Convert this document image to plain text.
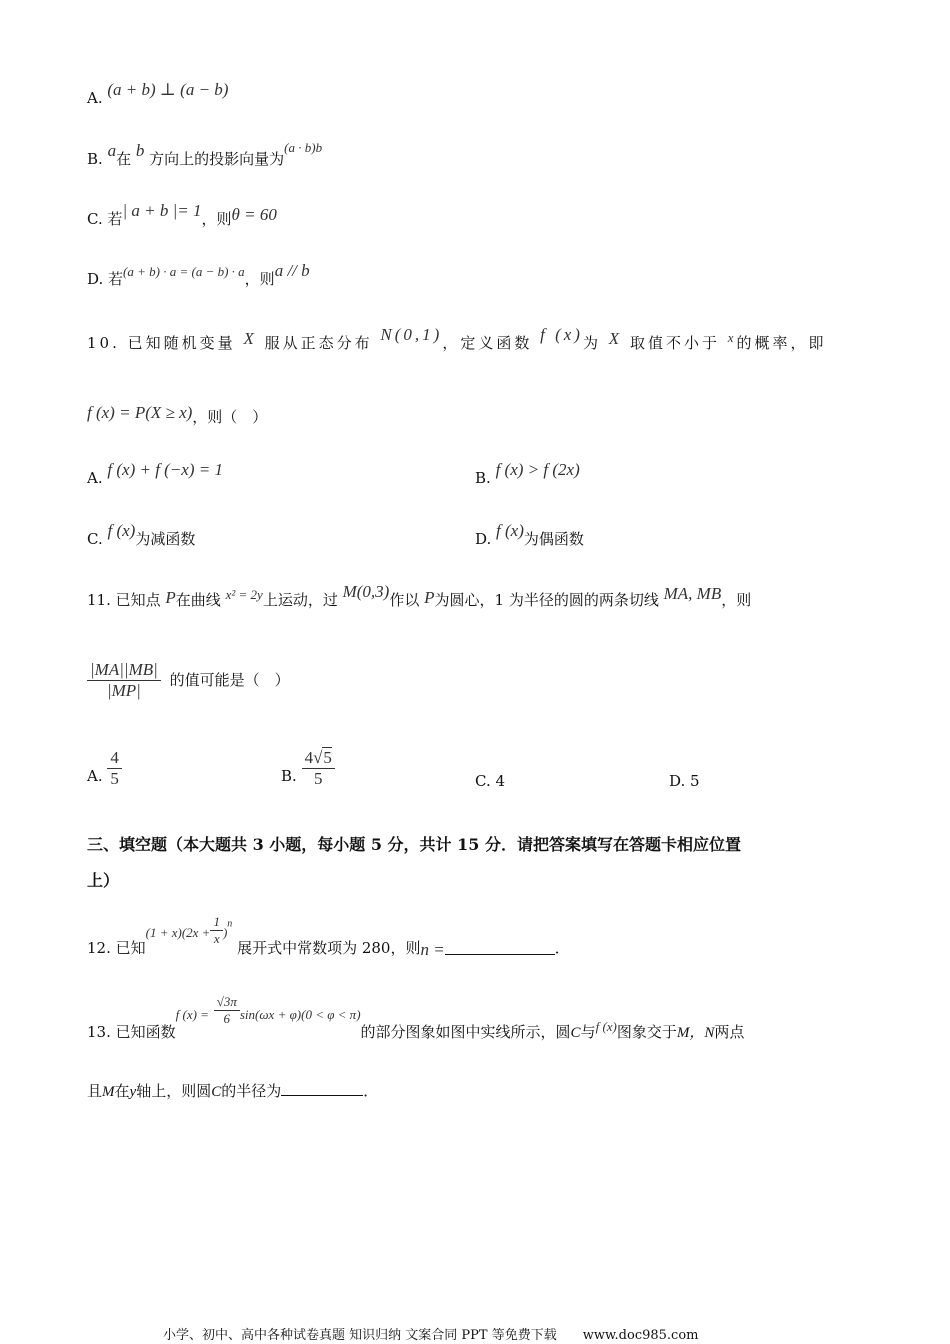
A. (a + b) ⊥ (a − b)
B. a在 b 方向上的投影向量为(a · b)b
C. 若| a + b |= 1，则θ = 60
D. 若(a + b) · a = (a − b) · a，则a // b
10. 已知随机变量 X 服从正态分布 N(0,1)，定义函数 f (x)为 X 取值不小于 x的概率，即
f (x) = P(X ≥ x)，则（　）
A. f (x) + f (−x) = 1	B. f (x) > f (2x)
C. f (x)为减函数	D. f (x)为偶函数
11. 已知点 P在曲线 x² = 2y上运动，过 M(0,3)作以 P为圆心，1 为半径的圆的两条切线 MA, MB，则
$\frac{|MA||MB|}{|MP|}$ 的值可能是（　）
A. $\frac{4}{5}$	B. $\frac{4√5}{5}$	C. 4	D. 5
三、填空题（本大题共 3 小题，每小题 5 分，共计 15 分．请把答案填写在答题卡相应位置
上）
12. 已知$(1 + x)(2x + \frac{1}{x} )^n$ 展开式中常数项为 280，则n =	．
13. 已知函数f $(x) = \frac{√3\pi}{6} \sin(\omega x + \varphi)(0 < \varphi < \pi)$的部分图象如图中实线所示，圆C与f (x)图象交于M，N两点
且M在y轴上，则圆C的半径为	．
小学、初中、高中各种试卷真题 知识归纳 文案合同 PPT 等免费下载　　www.doc985.com
